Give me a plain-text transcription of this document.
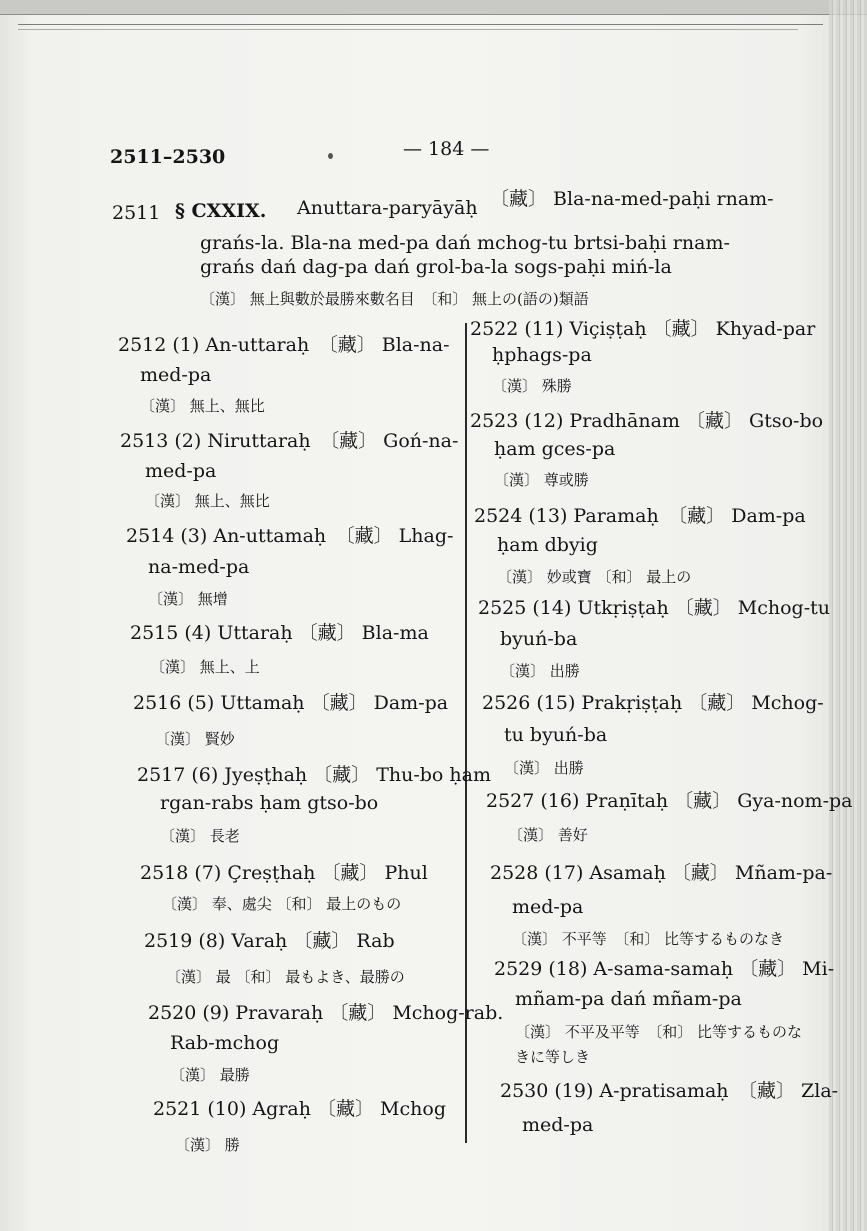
2511–2530	— 184 —
2511 § CXXIX. Anuttara-paryāyāḥ 〔藏〕 Bla-na-med-paḥi rnam-
grańs-la. Bla-na med-pa dań mchog-tu brtsi-baḥi rnam-
grańs dań dag-pa dań grol-ba-la sogs-paḥi miń-la
〔漢〕 無上與數於最勝來數名目　〔和〕 無上の(語の)類語
2512 (1) An-uttaraḥ　〔藏〕 Bla-na-
med-pa
〔漢〕 無上、無比
2513 (2) Niruttaraḥ　〔藏〕 Goń-na-
med-pa
〔漢〕 無上、無比
2514 (3) An-uttamaḥ　〔藏〕 Lhag-
na-med-pa
〔漢〕 無增
2515 (4) Uttaraḥ 〔藏〕 Bla-ma
〔漢〕 無上、上
2516 (5) Uttamaḥ 〔藏〕 Dam-pa
〔漢〕 賢妙
2517 (6) Jyeṣṭhaḥ 〔藏〕 Thu-bo ḥam
rgan-rabs ḥam gtso-bo
〔漢〕 長老
2518 (7) Çreṣṭhaḥ 〔藏〕 Phul
〔漢〕 奉、處尖 〔和〕 最上のもの
2519 (8) Varaḥ 〔藏〕 Rab
〔漢〕 最 〔和〕 最もよき、最勝の
2520 (9) Pravaraḥ 〔藏〕 Mchog-rab.
Rab-mchog
〔漢〕 最勝
2521 (10) Agraḥ 〔藏〕 Mchog
〔漢〕 勝
2522 (11) Viçiṣṭaḥ 〔藏〕 Khyad-par
ḥphags-pa
〔漢〕 殊勝
2523 (12) Pradhānam 〔藏〕 Gtso-bo
ḥam gces-pa
〔漢〕 尊或勝
2524 (13) Paramaḥ　〔藏〕 Dam-pa
ḥam dbyig
〔漢〕 妙或寶 〔和〕 最上の
2525 (14) Utkṛiṣṭaḥ 〔藏〕 Mchog-tu
byuń-ba
〔漢〕 出勝
2526 (15) Prakṛiṣṭaḥ 〔藏〕 Mchog-
tu byuń-ba
〔漢〕 出勝
2527 (16) Praṇītaḥ 〔藏〕 Gya-nom-pa
〔漢〕 善好
2528 (17) Asamaḥ 〔藏〕 Mñam-pa-
med-pa
〔漢〕 不平等　〔和〕 比等するものなき
2529 (18) A-sama-samaḥ 〔藏〕 Mi-
mñam-pa dań mñam-pa
〔漢〕 不平及平等　〔和〕 比等するものな
きに等しき
2530 (19) A-pratisamaḥ　〔藏〕 Zla-
med-pa
